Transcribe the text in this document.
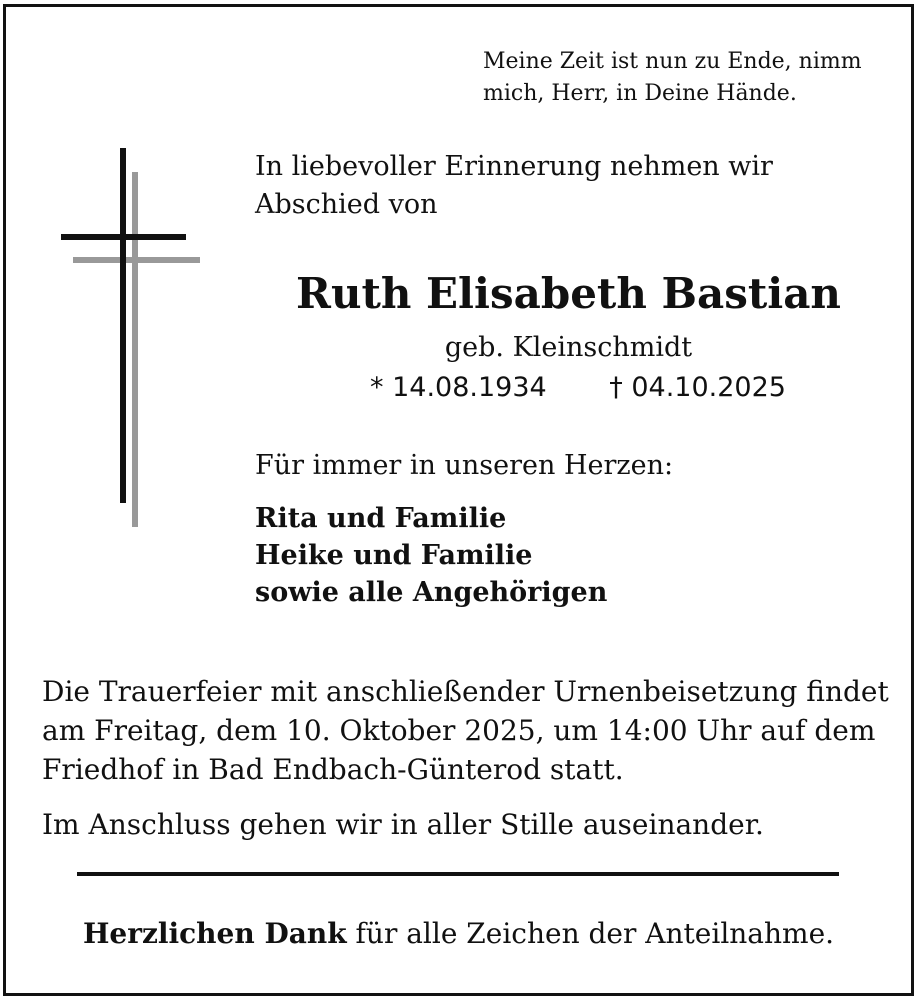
Meine Zeit ist nun zu Ende, nimm
mich, Herr, in Deine Hände.
In liebevoller Erinnerung nehmen wir
Abschied von
Ruth Elisabeth Bastian
geb. Kleinschmidt
* 14.08.1934 † 04.10.2025
Für immer in unseren Herzen:
Rita und Familie
Heike und Familie
sowie alle Angehörigen
Die Trauerfeier mit anschließender Urnenbeisetzung findet am Freitag, dem 10. Oktober 2025, um 14:00 Uhr auf dem Friedhof in Bad Endbach-Günterod statt.
Im Anschluss gehen wir in aller Stille auseinander.
Herzlichen Dank für alle Zeichen der Anteilnahme.
